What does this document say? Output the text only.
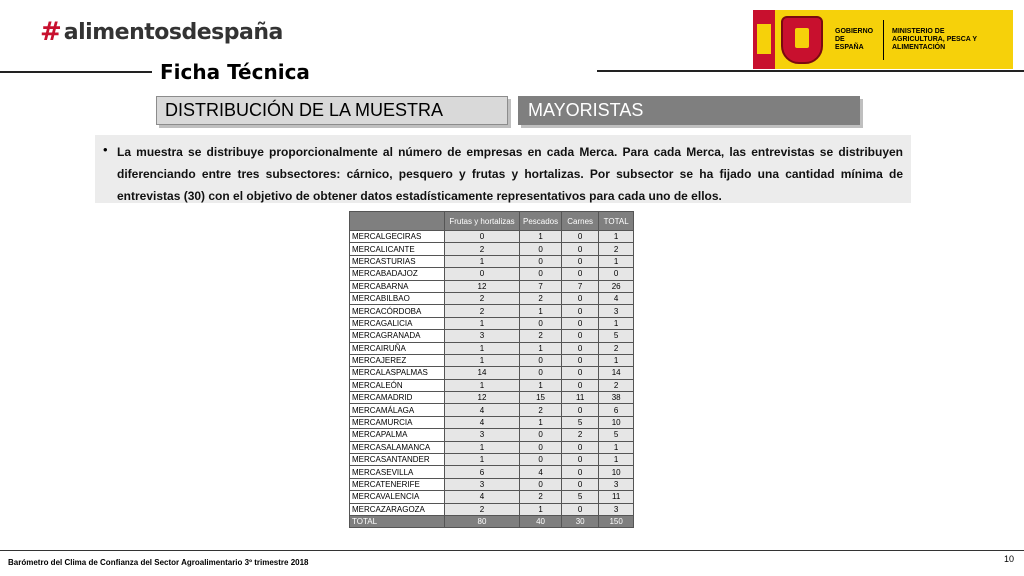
# alimentosdespaña	GOBIERNO DE ESPAÑA
MINISTERIO DE AGRICULTURA, PESCA Y ALIMENTACIÓN
Ficha Técnica
DISTRIBUCIÓN DE LA MUESTRA	MAYORISTAS
• La muestra se distribuye proporcionalmente al número de empresas en cada Merca. Para cada Merca, las entrevistas se distribuyen diferenciando entre tres subsectores: cárnico, pesquero y frutas y hortalizas. Por subsector se ha fijado una cantidad mínima de entrevistas (30) con el objetivo de obtener datos estadísticamente representativos para cada uno de ellos.

	Frutas y hortalizas	Pescados	Carnes	TOTAL
MERCALGECIRAS	0	1	0	1
MERCALICANTE	2	0	0	2
MERCASTURIAS	1	0	0	1
MERCABADAJOZ	0	0	0	0
MERCABARNA	12	7	7	26
MERCABILBAO	2	2	0	4
MERCACÓRDOBA	2	1	0	3
MERCAGALICIA	1	0	0	1
MERCAGRANADA	3	2	0	5
MERCAIRUÑA	1	1	0	2
MERCAJEREZ	1	0	0	1
MERCALASPALMAS	14	0	0	14
MERCALEÓN	1	1	0	2
MERCAMADRID	12	15	11	38
MERCAMÁLAGA	4	2	0	6
MERCAMURCIA	4	1	5	10
MERCAPALMA	3	0	2	5
MERCASALAMANCA	1	0	0	1
MERCASANTANDER	1	0	0	1
MERCASEVILLA	6	4	0	10
MERCATENERIFE	3	0	0	3
MERCAVALENCIA	4	2	5	11
MERCAZARAGOZA	2	1	0	3
TOTAL	80	40	30	150
Barómetro del Clima de Confianza del Sector Agroalimentario 3º trimestre 2018	10
